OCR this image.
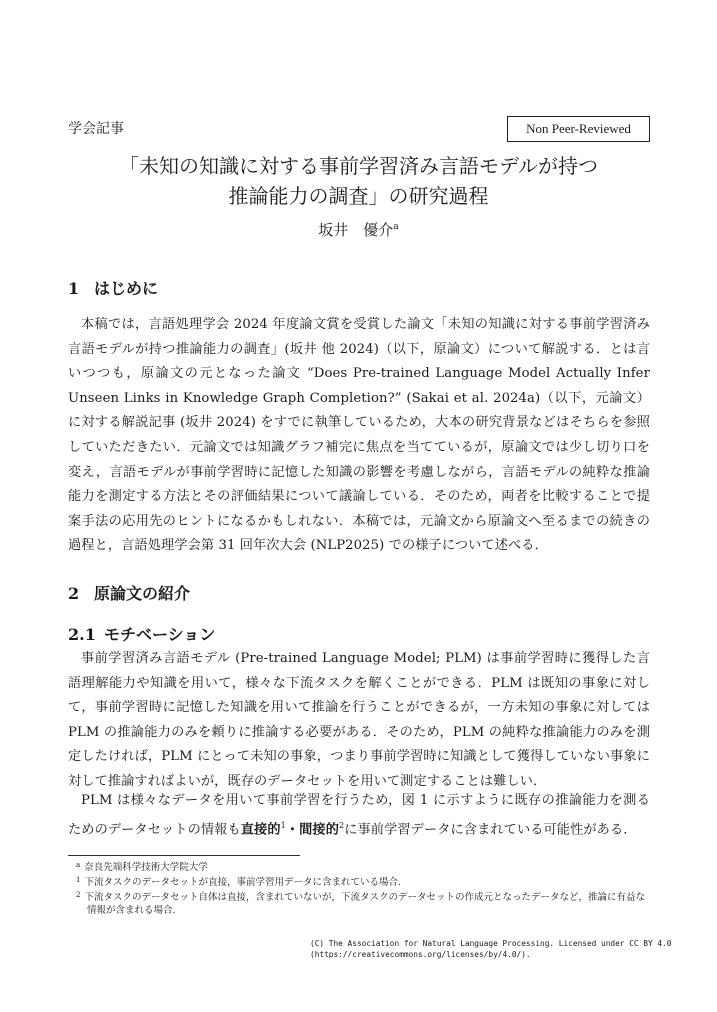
学会記事	Non Peer-Reviewed
「未知の知識に対する事前学習済み言語モデルが持つ
推論能力の調査」の研究過程
坂井　優介$^a$
1 はじめに
本稿では，言語処理学会 2024 年度論文賞を受賞した論文「未知の知識に対する事前学習済み言語モデルが持つ推論能力の調査」(坂井 他 2024)（以下，原論文）について解説する．とは言いつつも，原論文の元となった論文 “Does Pre-trained Language Model Actually Infer Unseen Links in Knowledge Graph Completion?” (Sakai et al. 2024a)（以下，元論文）に対する解説記事 (坂井 2024) をすでに執筆しているため，大本の研究背景などはそちらを参照していただきたい．元論文では知識グラフ補完に焦点を当てているが，原論文では少し切り口を変え，言語モデルが事前学習時に記憶した知識の影響を考慮しながら，言語モデルの純粋な推論能力を測定する方法とその評価結果について議論している．そのため，両者を比較することで提案手法の応用先のヒントになるかもしれない．本稿では，元論文から原論文へ至るまでの続きの過程と，言語処理学会第 31 回年次大会 (NLP2025) での様子について述べる．
2 原論文の紹介
2.1 モチベーション
事前学習済み言語モデル (Pre-trained Language Model; PLM) は事前学習時に獲得した言語理解能力や知識を用いて，様々な下流タスクを解くことができる．PLM は既知の事象に対して，事前学習時に記憶した知識を用いて推論を行うことができるが，一方未知の事象に対してはPLM の推論能力のみを頼りに推論する必要がある．そのため，PLM の純粋な推論能力のみを測定したければ，PLM にとって未知の事象，つまり事前学習時に知識として獲得していない事象に対して推論すればよいが，既存のデータセットを用いて測定することは難しい．
PLM は様々なデータを用いて事前学習を行うため，図 1 に示すように既存の推論能力を測るためのデータセットの情報も直接的$^1$・間接的$^2$に事前学習データに含まれている可能性がある．
$^a$ 奈良先端科学技術大学院大学
$^1$ 下流タスクのデータセットが直接，事前学習用データに含まれている場合.
$^2$ 下流タスクのデータセット自体は直接，含まれていないが，下流タスクのデータセットの作成元となったデータなど，推論に有益な情報が含まれる場合.
(C) The Association for Natural Language Processing. Licensed under CC BY 4.0
(https://creativecommons.org/licenses/by/4.0/).
